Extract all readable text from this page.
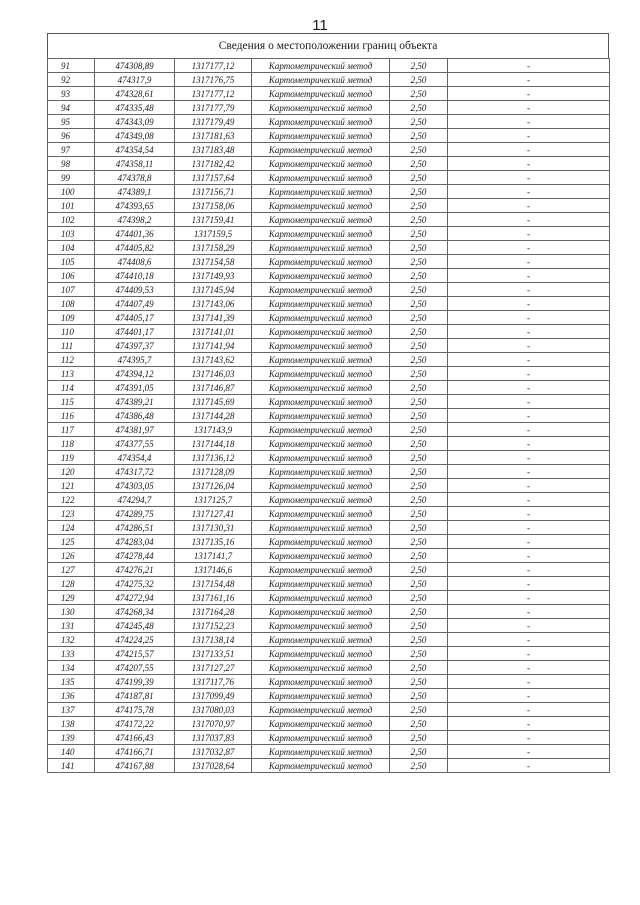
11
Сведения о местоположении границ объекта
91	474308,89	1317177,12	Картометрический метод	2,50	-
92	474317,9	1317176,75	Картометрический метод	2,50	-
93	474328,61	1317177,12	Картометрический метод	2,50	-
94	474335,48	1317177,79	Картометрический метод	2,50	-
95	474343,09	1317179,49	Картометрический метод	2,50	-
96	474349,08	1317181,63	Картометрический метод	2,50	-
97	474354,54	1317183,48	Картометрический метод	2,50	-
98	474358,11	1317182,42	Картометрический метод	2,50	-
99	474378,8	1317157,64	Картометрический метод	2,50	-
100	474389,1	1317156,71	Картометрический метод	2,50	-
101	474393,65	1317158,06	Картометрический метод	2,50	-
102	474398,2	1317159,41	Картометрический метод	2,50	-
103	474401,36	1317159,5	Картометрический метод	2,50	-
104	474405,82	1317158,29	Картометрический метод	2,50	-
105	474408,6	1317154,58	Картометрический метод	2,50	-
106	474410,18	1317149,93	Картометрический метод	2,50	-
107	474409,53	1317145,94	Картометрический метод	2,50	-
108	474407,49	1317143,06	Картометрический метод	2,50	-
109	474405,17	1317141,39	Картометрический метод	2,50	-
110	474401,17	1317141,01	Картометрический метод	2,50	-
111	474397,37	1317141,94	Картометрический метод	2,50	-
112	474395,7	1317143,62	Картометрический метод	2,50	-
113	474394,12	1317146,03	Картометрический метод	2,50	-
114	474391,05	1317146,87	Картометрический метод	2,50	-
115	474389,21	1317145,69	Картометрический метод	2,50	-
116	474386,48	1317144,28	Картометрический метод	2,50	-
117	474381,97	1317143,9	Картометрический метод	2,50	-
118	474377,55	1317144,18	Картометрический метод	2,50	-
119	474354,4	1317136,12	Картометрический метод	2,50	-
120	474317,72	1317128,09	Картометрический метод	2,50	-
121	474303,05	1317126,04	Картометрический метод	2,50	-
122	474294,7	1317125,7	Картометрический метод	2,50	-
123	474289,75	1317127,41	Картометрический метод	2,50	-
124	474286,51	1317130,31	Картометрический метод	2,50	-
125	474283,04	1317135,16	Картометрический метод	2,50	-
126	474278,44	1317141,7	Картометрический метод	2,50	-
127	474276,21	1317146,6	Картометрический метод	2,50	-
128	474275,32	1317154,48	Картометрический метод	2,50	-
129	474272,94	1317161,16	Картометрический метод	2,50	-
130	474268,34	1317164,28	Картометрический метод	2,50	-
131	474245,48	1317152,23	Картометрический метод	2,50	-
132	474224,25	1317138,14	Картометрический метод	2,50	-
133	474215,57	1317133,51	Картометрический метод	2,50	-
134	474207,55	1317127,27	Картометрический метод	2,50	-
135	474199,39	1317117,76	Картометрический метод	2,50	-
136	474187,81	1317099,49	Картометрический метод	2,50	-
137	474175,78	1317080,03	Картометрический метод	2,50	-
138	474172,22	1317070,97	Картометрический метод	2,50	-
139	474166,43	1317037,83	Картометрический метод	2,50	-
140	474166,71	1317032,87	Картометрический метод	2,50	-
141	474167,88	1317028,64	Картометрический метод	2,50	-
